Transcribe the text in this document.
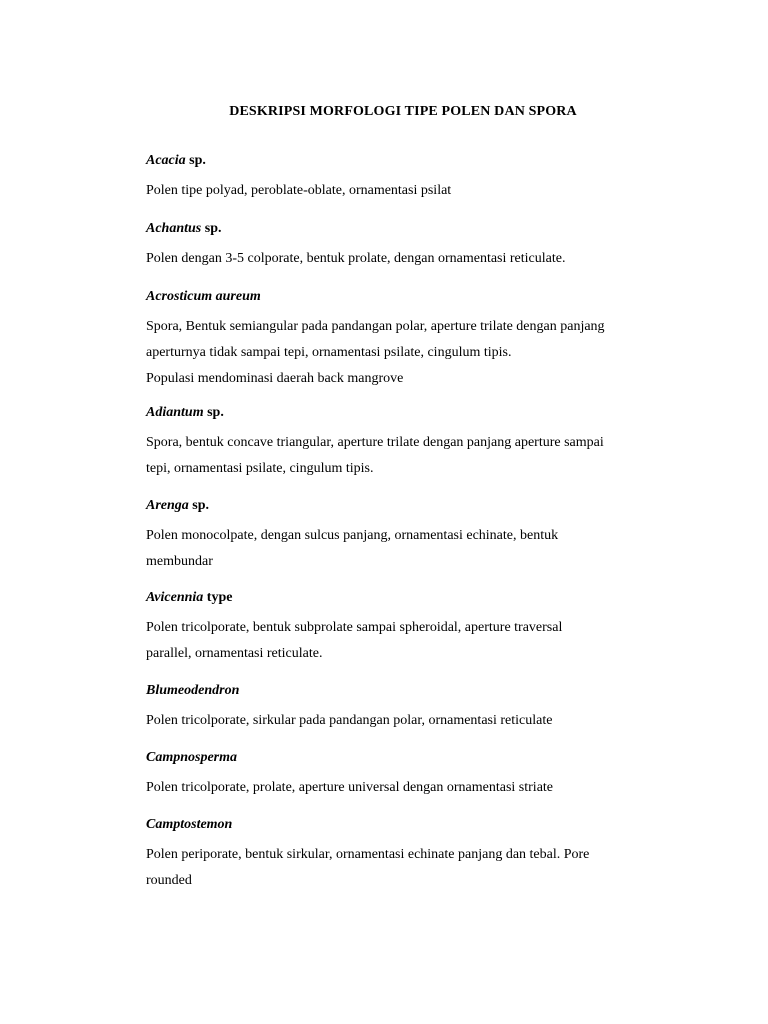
DESKRIPSI MORFOLOGI TIPE POLEN DAN SPORA
Acacia sp.
Polen tipe polyad, peroblate-oblate, ornamentasi psilat
Achantus sp.
Polen dengan 3-5 colporate, bentuk prolate, dengan ornamentasi reticulate.
Acrosticum aureum
Spora, Bentuk semiangular pada pandangan polar, aperture trilate dengan panjang
aperturnya tidak sampai tepi, ornamentasi psilate, cingulum tipis.
Populasi mendominasi daerah back mangrove
Adiantum sp.
Spora, bentuk concave triangular, aperture trilate dengan panjang aperture sampai
tepi, ornamentasi psilate, cingulum tipis.
Arenga sp.
Polen monocolpate, dengan sulcus panjang, ornamentasi echinate, bentuk
membundar
Avicennia type
Polen tricolporate, bentuk subprolate sampai spheroidal, aperture traversal
parallel, ornamentasi reticulate.
Blumeodendron
Polen tricolporate, sirkular pada pandangan polar, ornamentasi reticulate
Campnosperma
Polen tricolporate, prolate, aperture universal dengan ornamentasi striate
Camptostemon
Polen periporate, bentuk sirkular, ornamentasi echinate panjang dan tebal. Pore
rounded
